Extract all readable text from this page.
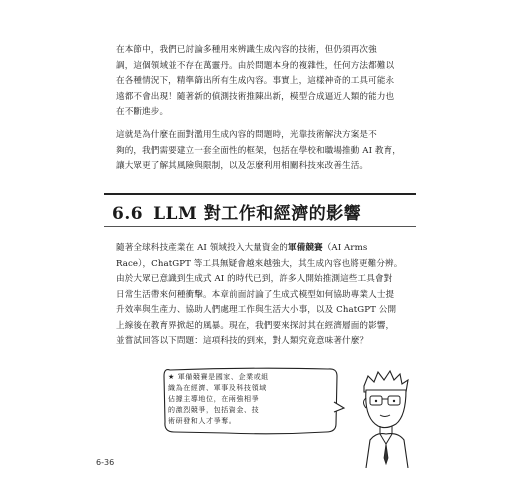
在本節中，我們已討論多種用來辨識生成內容的技術，但仍須再次強
調，這個領域並不存在萬靈丹。由於問題本身的複雜性，任何方法都難以
在各種情況下，精準篩出所有生成內容。事實上，這樣神奇的工具可能永
遠都不會出現！隨著新的偵測技術推陳出新，模型合成逼近人類的能力也
在不斷進步。

這就是為什麼在面對濫用生成內容的問題時，光靠技術解決方案是不
夠的，我們需要建立一套全面性的框架，包括在學校和職場推動 AI 教育，
讓大眾更了解其風險與限制，以及怎麼利用相關科技來改善生活。

6.6 LLM 對工作和經濟的影響

隨著全球科技產業在 AI 領域投入大量資金的軍備競賽（AI Arms
Race），ChatGPT 等工具無疑會越來越強大，其生成內容也將更難分辨。
由於大眾已意識到生成式 AI 的時代已到，許多人開始推測這些工具會對
日常生活帶來何種衝擊。本章前面討論了生成式模型如何協助專業人士提
升效率與生產力、協助人們處理工作與生活大小事，以及 ChatGPT 公開
上線後在教育界掀起的風暴。現在，我們要來探討其在經濟層面的影響，
並嘗試回答以下問題：這項科技的到來，對人類究竟意味著什麼？

★ 軍備競賽是國家、企業或組
織為在經濟、軍事及科技領域
佔據主導地位，在兩強相爭
的激烈競爭，包括資金、技
術研發和人才爭奪。
6-36
